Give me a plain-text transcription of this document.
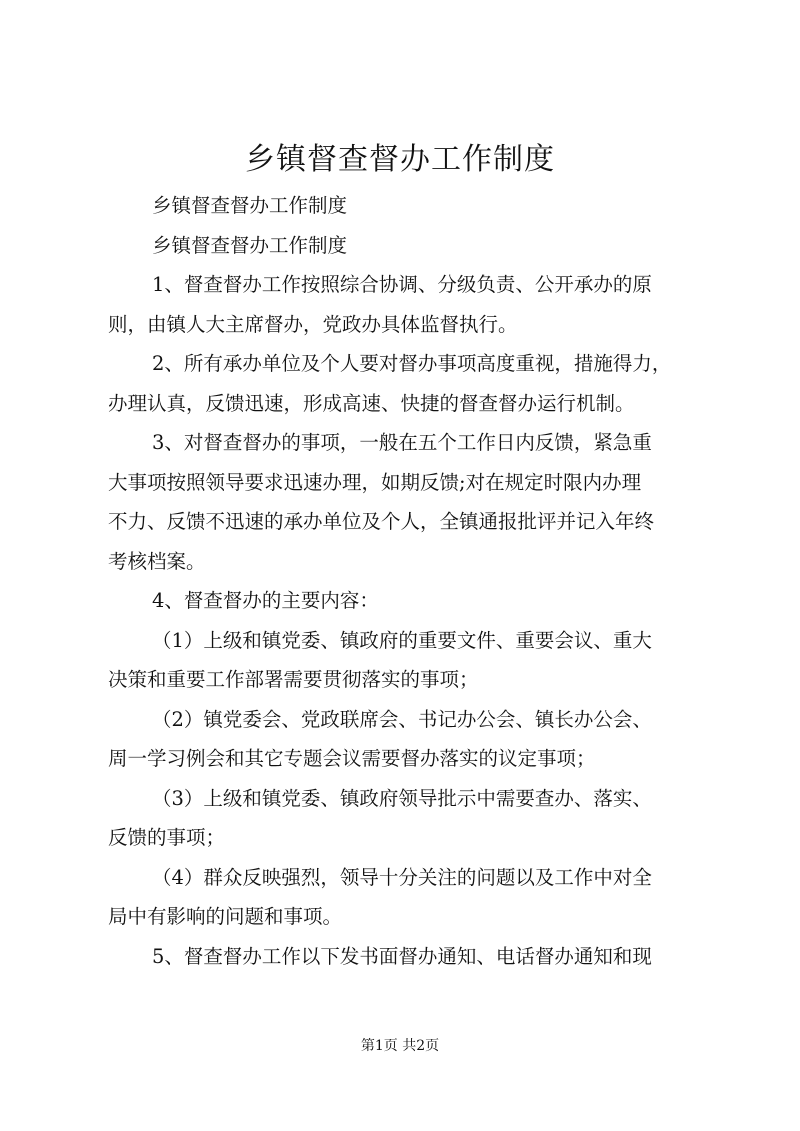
乡镇督查督办工作制度
乡镇督查督办工作制度
乡镇督查督办工作制度
1、督查督办工作按照综合协调、分级负责、公开承办的原
则，由镇人大主席督办，党政办具体监督执行。
2、所有承办单位及个人要对督办事项高度重视，措施得力，
办理认真，反馈迅速，形成高速、快捷的督查督办运行机制。
3、对督查督办的事项，一般在五个工作日内反馈，紧急重
大事项按照领导要求迅速办理，如期反馈;对在规定时限内办理
不力、反馈不迅速的承办单位及个人，全镇通报批评并记入年终
考核档案。
4、督查督办的主要内容：
（1）上级和镇党委、镇政府的重要文件、重要会议、重大
决策和重要工作部署需要贯彻落实的事项；
（2）镇党委会、党政联席会、书记办公会、镇长办公会、
周一学习例会和其它专题会议需要督办落实的议定事项；
（3）上级和镇党委、镇政府领导批示中需要查办、落实、
反馈的事项；
（4）群众反映强烈，领导十分关注的问题以及工作中对全
局中有影响的问题和事项。
5、督查督办工作以下发书面督办通知、电话督办通知和现
第1页 共2页
